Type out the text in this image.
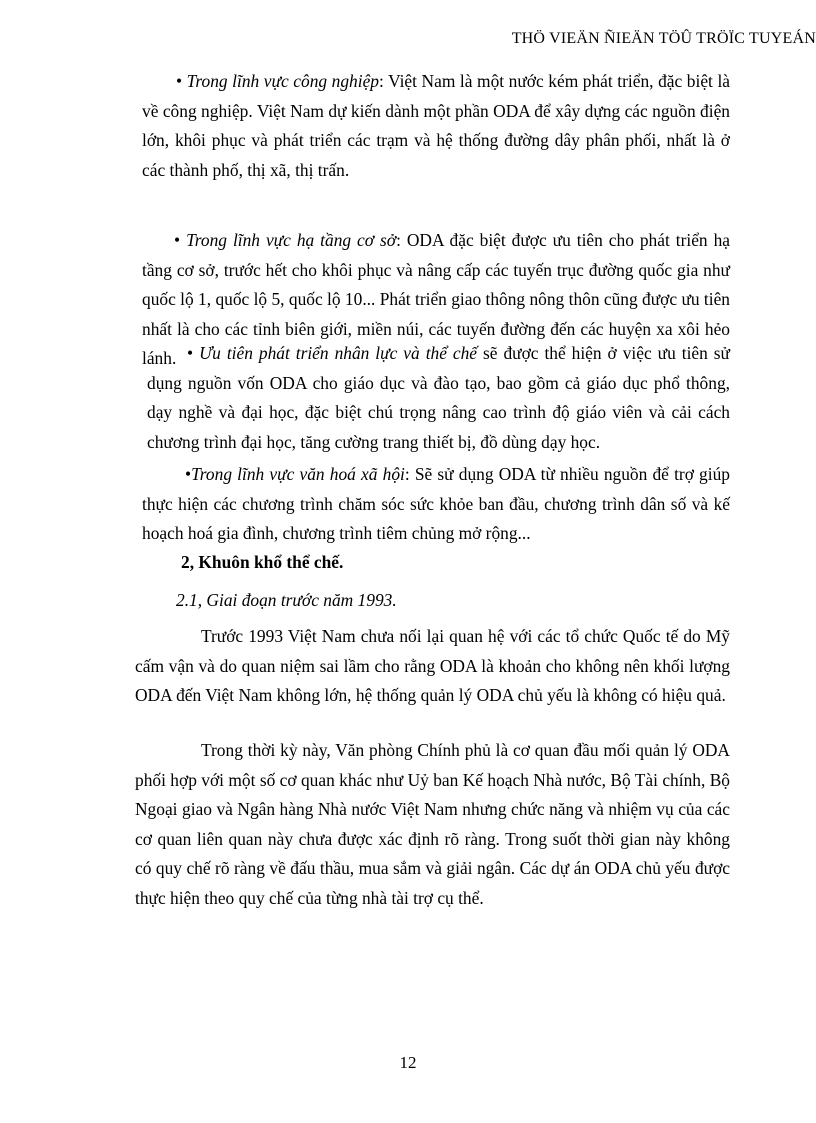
THÖ VIEÄN ÑIEÄN TÖÛ TRÖÏC TUYEÁN

• Trong lĩnh vực công nghiệp: Việt Nam là một nước kém phát triển, đặc biệt là về công nghiệp. Việt Nam dự kiến dành một phần ODA để xây dựng các nguồn điện lớn, khôi phục và phát triển các trạm và hệ thống đường dây phân phối, nhất là ở các thành phố, thị xã, thị trấn.

• Trong lĩnh vực hạ tầng cơ sở: ODA đặc biệt được ưu tiên cho phát triển hạ tầng cơ sở, trước hết cho khôi phục và nâng cấp các tuyến trục đường quốc gia như quốc lộ 1, quốc lộ 5, quốc lộ 10... Phát triển giao thông nông thôn cũng được ưu tiên nhất là cho các tỉnh biên giới, miền núi, các tuyến đường đến các huyện xa xôi hẻo lánh. • Ưu tiên phát triển nhân lực và thể chế sẽ được thể hiện ở việc ưu tiên sử dụng nguồn vốn ODA cho giáo dục và đào tạo, bao gồm cả giáo dục phổ thông, dạy nghề và đại học, đặc biệt chú trọng nâng cao trình độ giáo viên và cải cách chương trình đại học, tăng cường trang thiết bị, đồ dùng dạy học.

•Trong lĩnh vực văn hoá xã hội: Sẽ sử dụng ODA từ nhiều nguồn để trợ giúp thực hiện các chương trình chăm sóc sức khỏe ban đầu, chương trình dân số và kế hoạch hoá gia đình, chương trình tiêm chủng mở rộng...

2, Khuôn khổ thể chế.
2.1, Giai đoạn trước năm 1993.

Trước 1993 Việt Nam chưa nối lại quan hệ với các tổ chức Quốc tế do Mỹ cấm vận và do quan niệm sai lầm cho rằng ODA là khoản cho không nên khối lượng ODA đến Việt Nam không lớn, hệ thống quản lý ODA chủ yếu là không có hiệu quả.

Trong thời kỳ này, Văn phòng Chính phủ là cơ quan đầu mối quản lý ODA phối hợp với một số cơ quan khác như Uỷ ban Kế hoạch Nhà nước, Bộ Tài chính, Bộ Ngoại giao và Ngân hàng Nhà nước Việt Nam nhưng chức năng và nhiệm vụ của các cơ quan liên quan này chưa được xác định rõ ràng. Trong suốt thời gian này không có quy chế rõ ràng về đấu thầu, mua sắm và giải ngân. Các dự án ODA chủ yếu được thực hiện theo quy chế của từng nhà tài trợ cụ thể.

12
